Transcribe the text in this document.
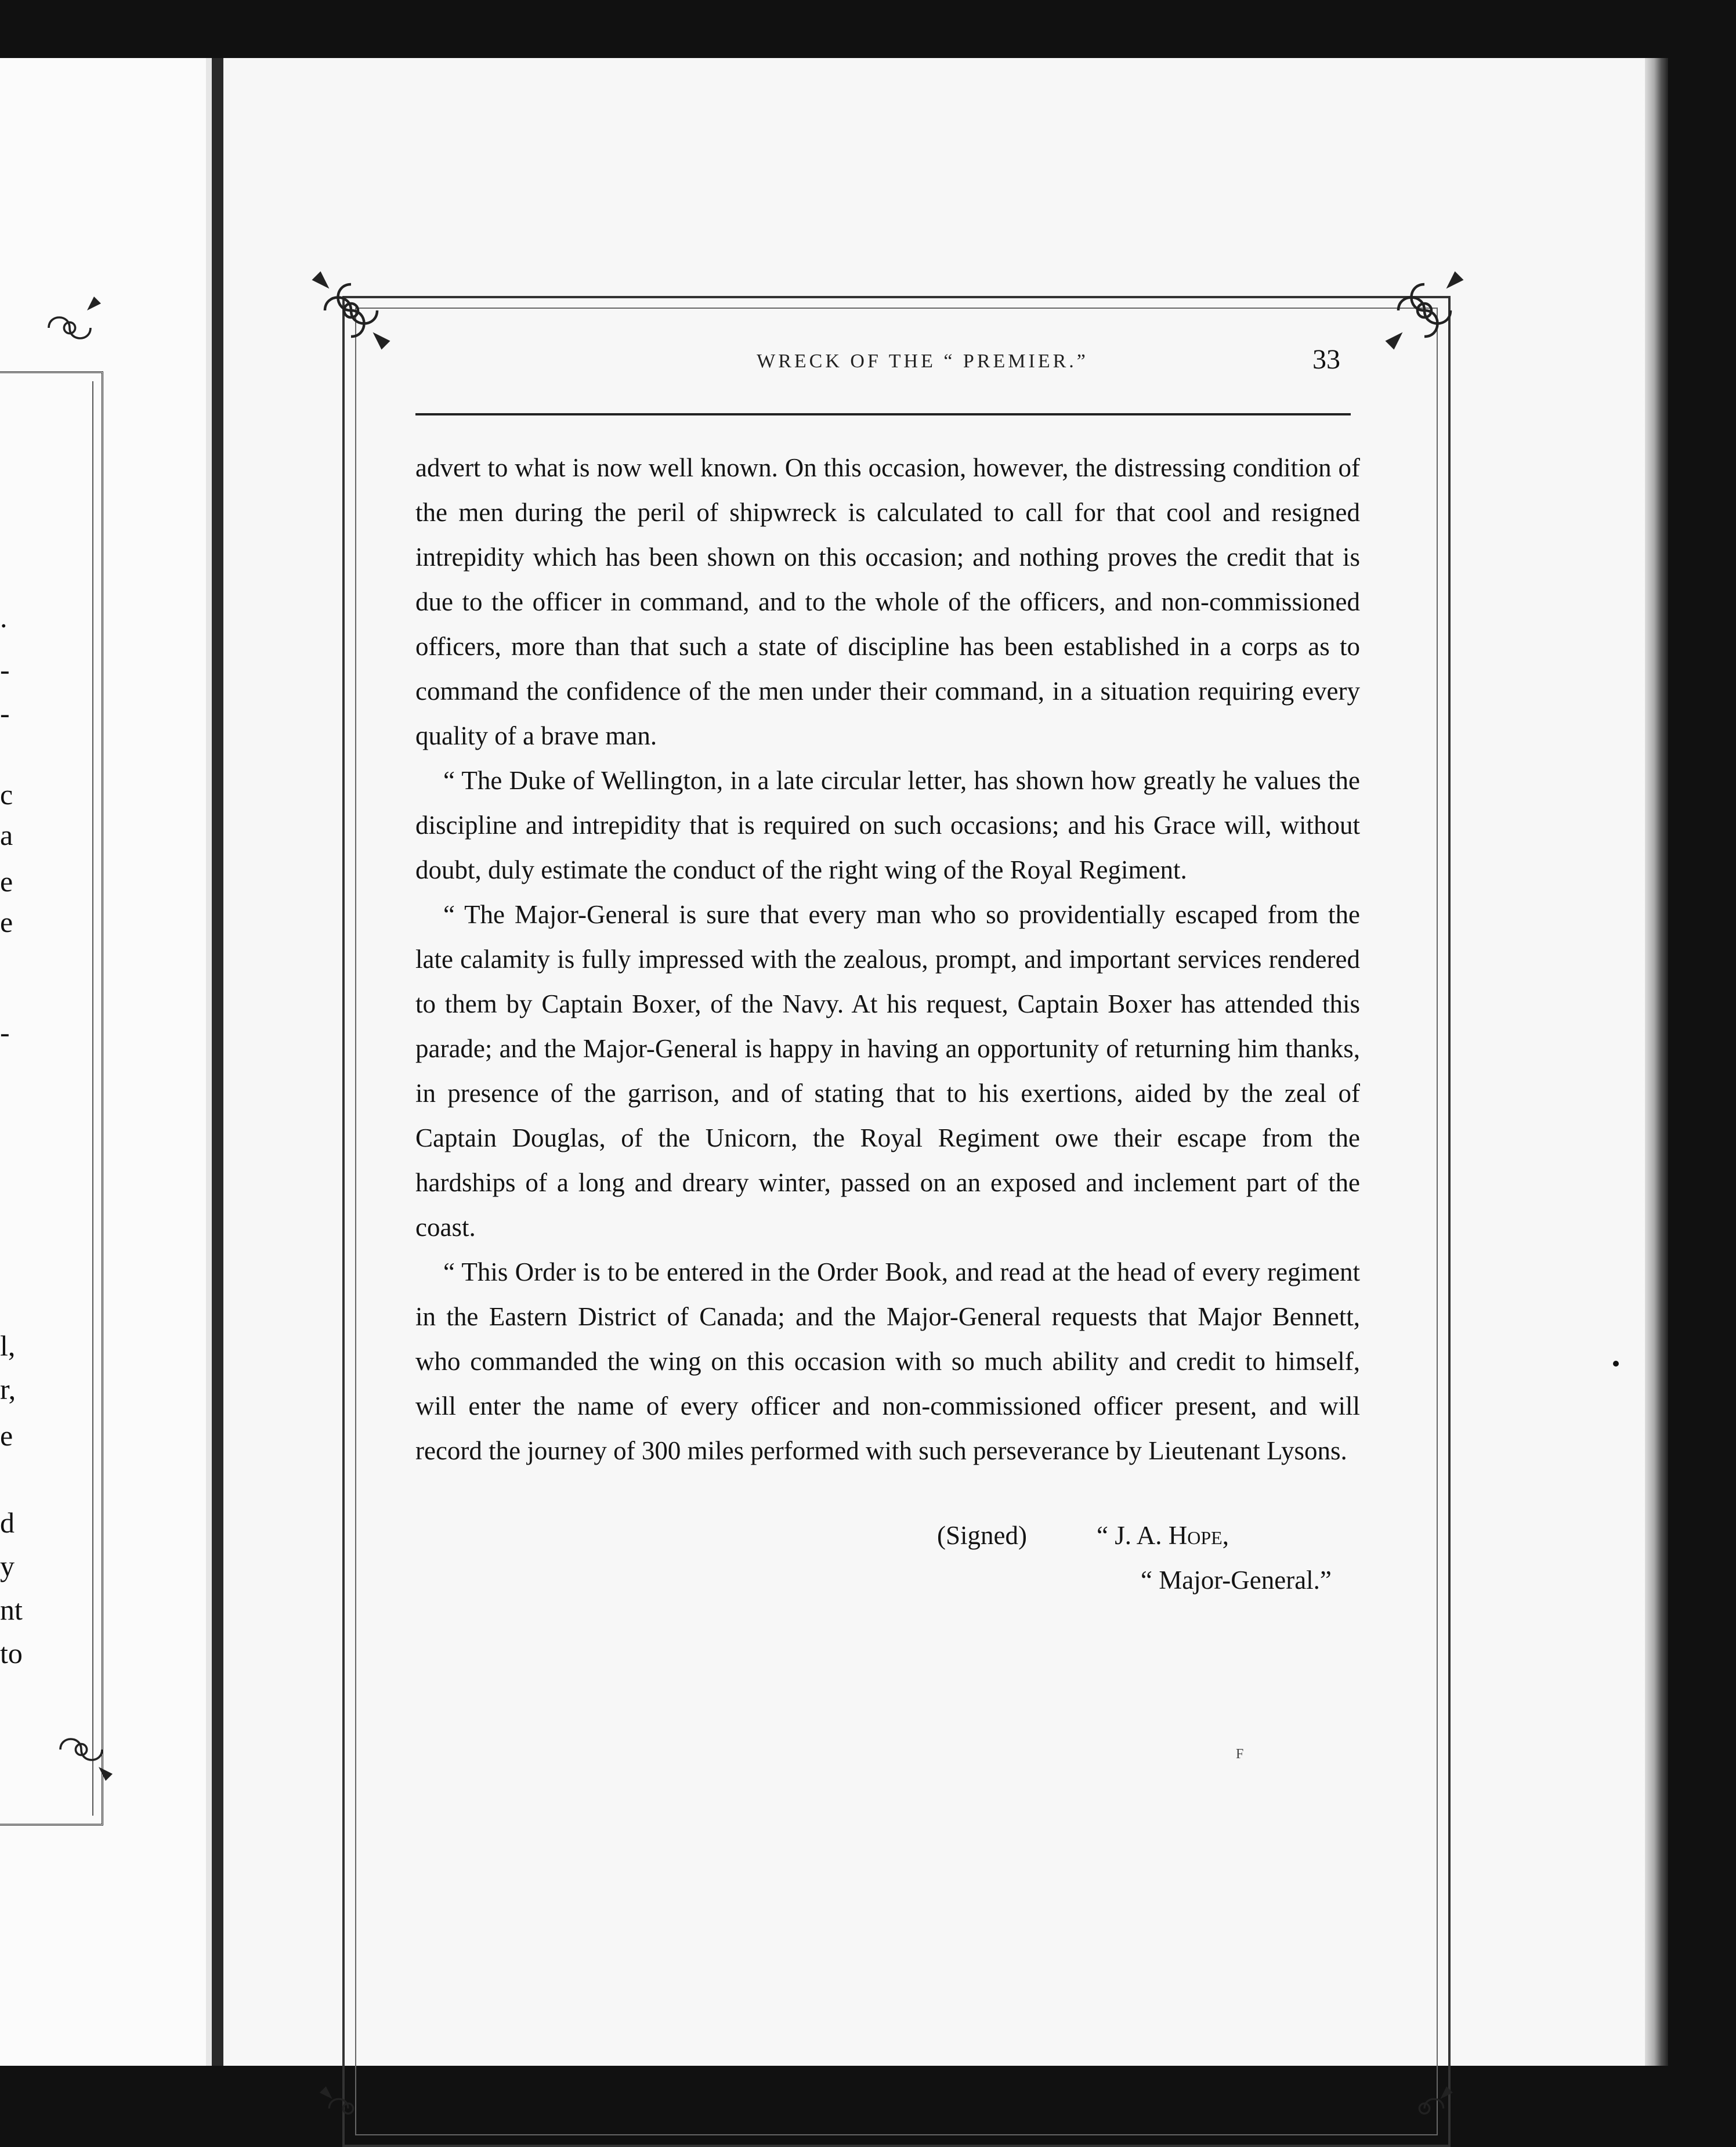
.
-
-
c
a
e
e
-
l,
r,
e
d
y
nt
to
WRECK OF THE “ PREMIER.”	33

advert to what is now well known. On this occasion, however, the distressing condition of the men during the peril of shipwreck is calculated to call for that cool and resigned intrepidity which has been shown on this occasion; and nothing proves the credit that is due to the officer in command, and to the whole of the officers, and non-commissioned officers, more than that such a state of discipline has been established in a corps as to command the confidence of the men under their command, in a situation requiring every quality of a brave man.

“ The Duke of Wellington, in a late circular letter, has shown how greatly he values the discipline and intrepidity that is required on such occasions; and his Grace will, without doubt, duly estimate the conduct of the right wing of the Royal Regiment.

“ The Major-General is sure that every man who so providentially escaped from the late calamity is fully impressed with the zealous, prompt, and important services rendered to them by Captain Boxer, of the Navy. At his request, Captain Boxer has attended this parade; and the Major-General is happy in having an opportunity of returning him thanks, in presence of the garrison, and of stating that to his exertions, aided by the zeal of Captain Douglas, of the Unicorn, the Royal Regiment owe their escape from the hardships of a long and dreary winter, passed on an exposed and inclement part of the coast.

“ This Order is to be entered in the Order Book, and read at the head of every regiment in the Eastern District of Canada; and the Major-General requests that Major Bennett, who commanded the wing on this occasion with so much ability and credit to himself, will enter the name of every officer and non-commissioned officer present, and will record the journey of 300 miles performed with such perseverance by Lieutenant Lysons.

(Signed)	“ J. A. Hope,
“ Major-General.”
F
